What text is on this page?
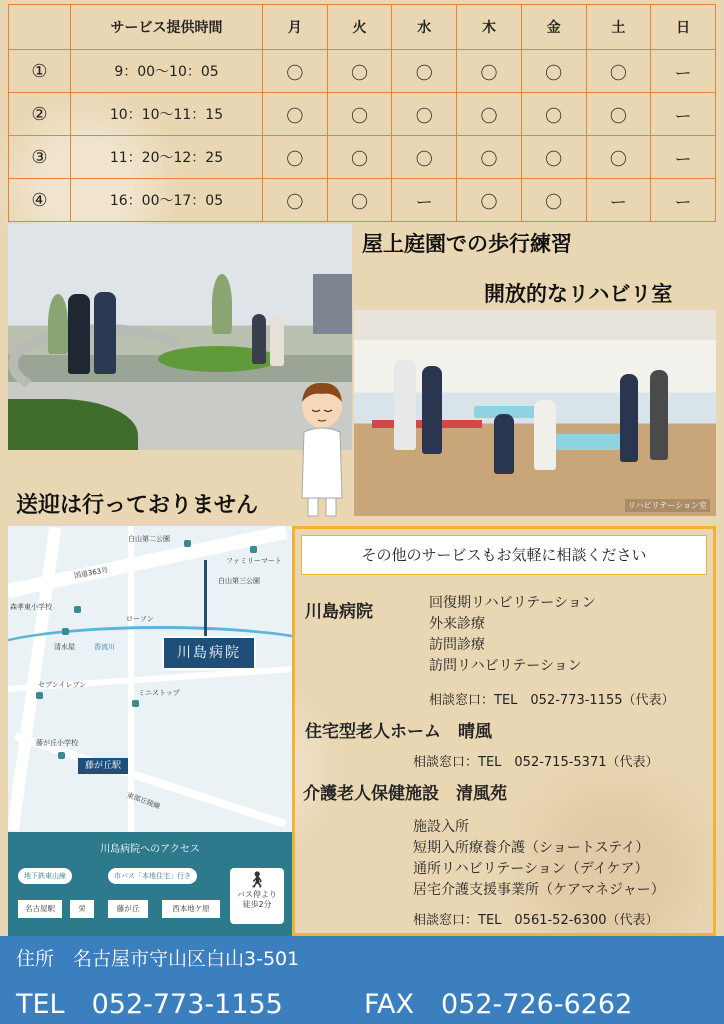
	サービス提供時間	月	火	水	木	金	土	日
①	9：00〜10：05	〇	〇	〇	〇	〇	〇	ー
②	10：10〜11：15	〇	〇	〇	〇	〇	〇	ー
③	11：20〜12：25	〇	〇	〇	〇	〇	〇	ー
④	16：00〜17：05	〇	〇	ー	〇	〇	ー	ー
屋上庭園での歩行練習
開放的なリハビリ室
リハビリテーション室
送迎は行っておりません
白山第二公園
ファミリーマート
白山第三公園
国道363号
森孝東小学校
ローソン
清水屋	香流川
セブンイレブン
ミニストップ
藤が丘小学校
東部丘陵線
川島病院
藤が丘駅
川島病院へのアクセス
地下鉄東山線	市バス「本地住宅」行き
名古屋駅	栄	藤が丘	西本地ケ原
🚶︎
バス停より
徒歩2分
その他のサービスもお気軽に相談ください
川島病院	回復期リハビリテーション
外来診療
訪問診療
訪問リハビリテーション
相談窓口：TEL　052-773-1155（代表）
住宅型老人ホーム　晴風
相談窓口：TEL　052-715-5371（代表）
介護老人保健施設　清風苑
施設入所
短期入所療養介護（ショートステイ）
通所リハビリテーション（デイケア）
居宅介護支援事業所（ケアマネジャー）
相談窓口：TEL　0561-52-6300（代表）
住所　名古屋市守山区白山3-501
TEL　052-773-1155	FAX　052-726-6262
